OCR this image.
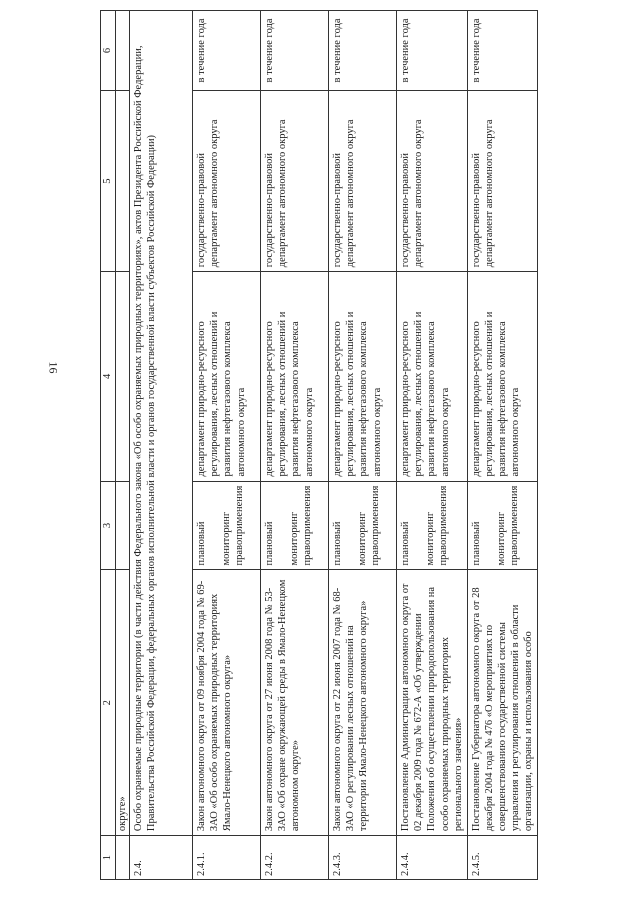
16
1	2	3	4	5	6
	округе»				
2.4.	Особо охраняемые природные территории (в части действия Федерального закона «Об особо охраняемых природных территориях», актов Президента Российской Федерации, Правительства Российской Федерации, федеральных органов исполнительной власти и органов государственной власти субъектов Российской Федерации)				
2.4.1.	Закон автономного округа от 09 ноября 2004 года № 69-ЗАО «Об особо охраняемых природных территориях Ямало-Ненецкого автономного округа»	плановый мониторинг правоприменения	департамент природно-ресурсного регулирования, лесных отношений и развития нефтегазового комплекса автономного округа	государственно-правовой департамент автономного округа	в течение года
2.4.2.	Закон автономного округа от 27 июня 2008 года № 53-ЗАО «Об охране окружающей среды в Ямало-Ненецком автономном округе»	плановый мониторинг правоприменения	департамент природно-ресурсного регулирования, лесных отношений и развития нефтегазового комплекса автономного округа	государственно-правовой департамент автономного округа	в течение года
2.4.3.	Закон автономного округа от 22 июня 2007 года № 68-ЗАО «О регулировании лесных отношений на территории Ямало-Ненецкого автономного округа»	плановый мониторинг правоприменения	департамент природно-ресурсного регулирования, лесных отношений и развития нефтегазового комплекса автономного округа	государственно-правовой департамент автономного округа	в течение года
2.4.4.	Постановление Администрации автономного округа от 02 декабря 2009 года № 672-А «Об утверждении Положения об осуществлении природопользования на особо охраняемых природных территориях регионального значения»	плановый мониторинг правоприменения	департамент природно-ресурсного регулирования, лесных отношений и развития нефтегазового комплекса автономного округа	государственно-правовой департамент автономного округа	в течение года
2.4.5.	Постановление Губернатора автономного округа от 28 декабря 2004 года № 476 «О мероприятиях по совершенствованию государственной системы управления и регулирования отношений в области организации, охраны и использования особо	плановый мониторинг правоприменения	департамент природно-ресурсного регулирования, лесных отношений и развития нефтегазового комплекса автономного округа	государственно-правовой департамент автономного округа	в течение года
